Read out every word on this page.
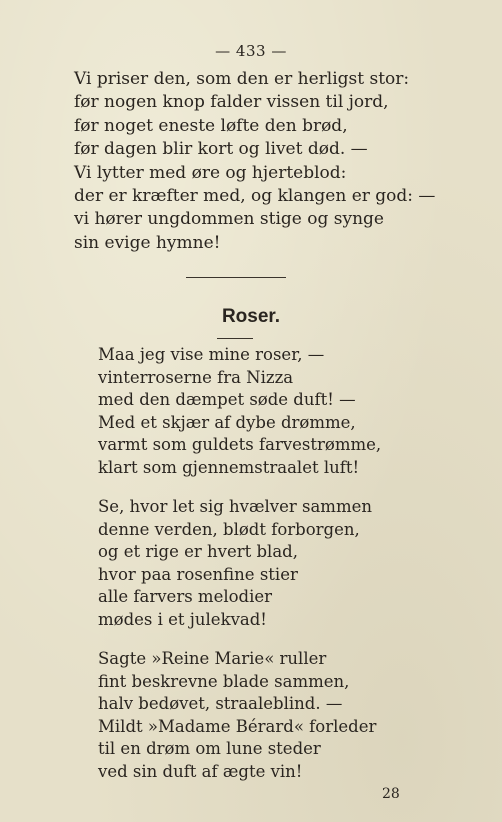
— 433 —
Vi priser den, som den er herligst stor:
før nogen knop falder vissen til jord,
før noget eneste løfte den brød,
før dagen blir kort og livet død. —
Vi lytter med øre og hjerteblod:
der er kræfter med, og klangen er god: —
vi hører ungdommen stige og synge
sin evige hymne!
Roser.
Maa jeg vise mine roser, —
vinterroserne fra Nizza
med den dæmpet søde duft! —
Med et skjær af dybe drømme,
varmt som guldets farvestrømme,
klart som gjennemstraalet luft!
Se, hvor let sig hvælver sammen
denne verden, blødt forborgen,
og et rige er hvert blad,
hvor paa rosenfine stier
alle farvers melodier
mødes i et julekvad!
Sagte »Reine Marie« ruller
fint beskrevne blade sammen,
halv bedøvet, straaleblind. —
Mildt »Madame Bérard« forleder
til en drøm om lune steder
ved sin duft af ægte vin!
28
